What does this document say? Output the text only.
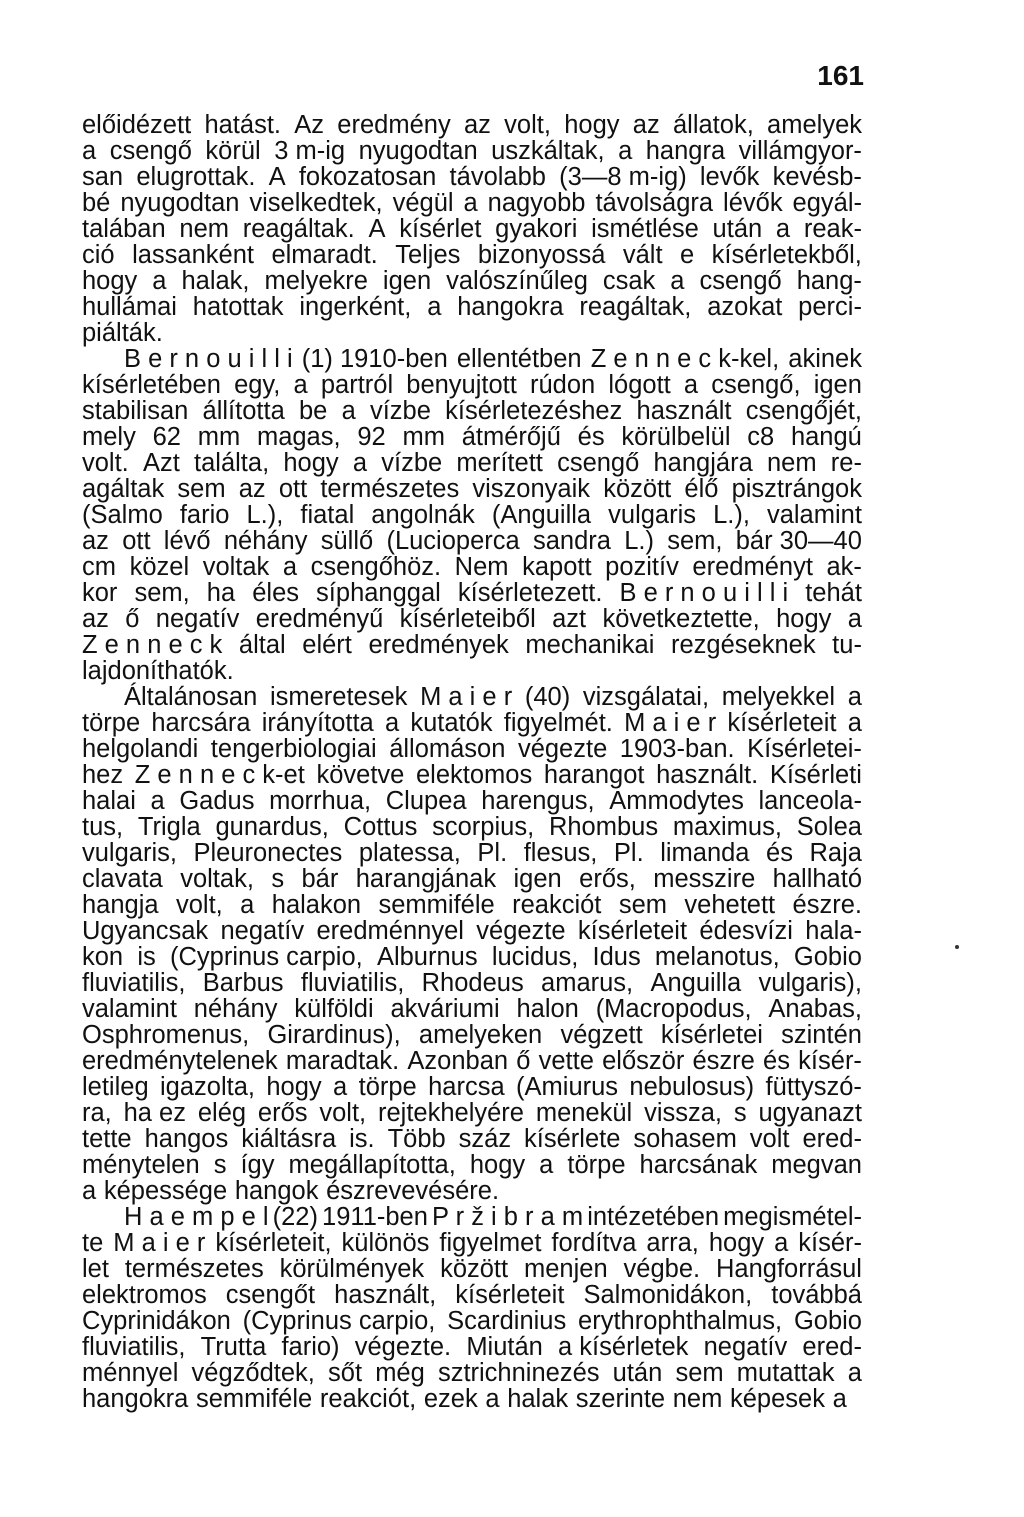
161
előidézett hatást. Az eredmény az volt, hogy az állatok, amelyek
a csengő körül 3 m-ig nyugodtan uszkáltak, a hangra villámgyor-
san elugrottak. A fokozatosan távolabb (3—8 m-ig) levők kevésb-
bé nyugodtan viselkedtek, végül a nagyobb távolságra lévők egyál-
talában nem reagáltak. A kísérlet gyakori ismétlése után a reak-
ció lassanként elmaradt. Teljes bizonyossá vált e kísérletekből,
hogy a halak, melyekre igen valószínűleg csak a csengő hang-
hullámai hatottak ingerként, a hangokra reagáltak, azokat perci-
piálták.
B e r n o u i l l i (1) 1910-ben ellentétben Z e n n e c k-kel, akinek
kísérletében egy, a partról benyujtott rúdon lógott a csengő, igen
stabilisan állította be a vízbe kísérletezéshez használt csengőjét,
mely 62 mm magas, 92 mm átmérőjű és körülbelül c8 hangú
volt. Azt találta, hogy a vízbe merített csengő hangjára nem re-
agáltak sem az ott természetes viszonyaik között élő pisztrángok
(Salmo fario L.), fiatal angolnák (Anguilla vulgaris L.), valamint
az ott lévő néhány süllő (Lucioperca sandra L.) sem, bár 30—40
cm közel voltak a csengőhöz. Nem kapott pozitív eredményt ak-
kor sem, ha éles síphanggal kísérletezett. B e r n o u i l l i tehát
az ő negatív eredményű kísérleteiből azt következtette, hogy a
Z e n n e c k által elért eredmények mechanikai rezgéseknek tu-
lajdoníthatók.
Általánosan ismeretesek M a i e r (40) vizsgálatai, melyekkel a
törpe harcsára irányította a kutatók figyelmét. M a i e r kísérleteit a
helgolandi tengerbiologiai állomáson végezte 1903-ban. Kísérletei-
hez Z e n n e c k-et követve elektomos harangot használt. Kísérleti
halai a Gadus morrhua, Clupea harengus, Ammodytes lanceola-
tus, Trigla gunardus, Cottus scorpius, Rhombus maximus, Solea
vulgaris, Pleuronectes platessa, Pl. flesus, Pl. limanda és Raja
clavata voltak, s bár harangjának igen erős, messzire hallható
hangja volt, a halakon semmiféle reakciót sem vehetett észre.
Ugyancsak negatív eredménnyel végezte kísérleteit édesvízi hala-
kon is (Cyprinus carpio, Alburnus lucidus, Idus melanotus, Gobio
fluviatilis, Barbus fluviatilis, Rhodeus amarus, Anguilla vulgaris),
valamint néhány külföldi akváriumi halon (Macropodus, Anabas,
Osphromenus, Girardinus), amelyeken végzett kísérletei szintén
eredménytelenek maradtak. Azonban ő vette először észre és kísér-
letileg igazolta, hogy a törpe harcsa (Amiurus nebulosus) füttyszó-
ra, ha ez elég erős volt, rejtekhelyére menekül vissza, s ugyanazt
tette hangos kiáltásra is. Több száz kísérlete sohasem volt ered-
ménytelen s így megállapította, hogy a törpe harcsának megvan
a képessége hangok észrevevésére.
H a e m p e l (22) 1911-ben P r ž i b r a m intézetében megismétel-
te M a i e r kísérleteit, különös figyelmet fordítva arra, hogy a kísér-
let természetes körülmények között menjen végbe. Hangforrásul
elektromos csengőt használt, kísérleteit Salmonidákon, továbbá
Cyprinidákon (Cyprinus carpio, Scardinius erythrophthalmus, Gobio
fluviatilis, Trutta fario) végezte. Miután a kísérletek negatív ered-
ménnyel végződtek, sőt még sztrichninezés után sem mutattak a
hangokra semmiféle reakciót, ezek a halak szerinte nem képesek a
